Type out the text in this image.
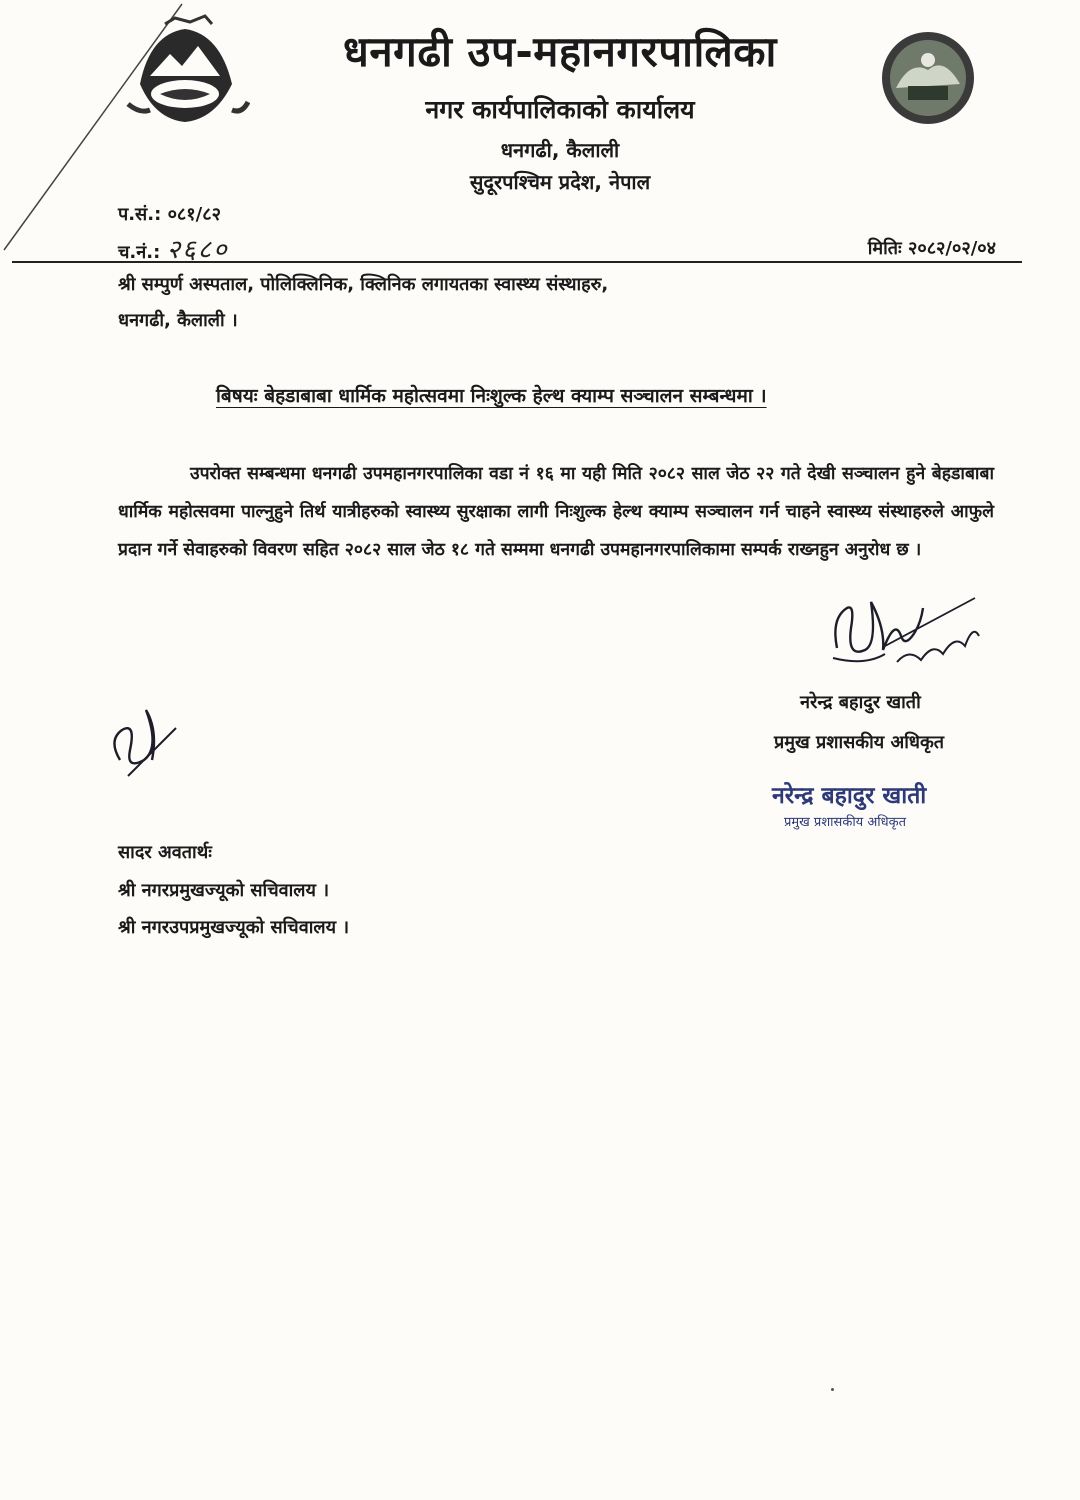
धनगढी उप-महानगरपालिका
नगर कार्यपालिकाको कार्यालय
धनगढी, कैलाली
सुदूरपश्चिम प्रदेश, नेपाल
प.सं.: ०८१/८२
च.नं.: २६८०	मितिः २०८२/०२/०४
श्री सम्पुर्ण अस्पताल, पोलिक्लिनिक, क्लिनिक लगायतका स्वास्थ्य संस्थाहरु,
धनगढी, कैलाली ।
बिषयः बेहडाबाबा धार्मिक महोत्सवमा निःशुल्क हेल्थ क्याम्प सञ्चालन सम्बन्धमा ।
उपरोक्त सम्बन्धमा धनगढी उपमहानगरपालिका वडा नं १६ मा यही मिति २०८२ साल जेठ २२ गते देखी सञ्चालन हुने बेहडाबाबा धार्मिक महोत्सवमा पाल्नुहुने तिर्थ यात्रीहरुको स्वास्थ्य सुरक्षाका लागी निःशुल्क हेल्थ क्याम्प सञ्चालन गर्न चाहने स्वास्थ्य संस्थाहरुले आफुले प्रदान गर्ने सेवाहरुको विवरण सहित २०८२ साल जेठ १८ गते सम्ममा धनगढी उपमहानगरपालिकामा सम्पर्क राख्नहुन अनुरोध छ ।
नरेन्द्र बहादुर खाती
प्रमुख प्रशासकीय अधिकृत
नरेन्द्र बहादुर खाती
प्रमुख प्रशासकीय अधिकृत
सादर अवतार्थः
श्री नगरप्रमुखज्यूको सचिवालय ।
श्री नगरउपप्रमुखज्यूको सचिवालय ।
